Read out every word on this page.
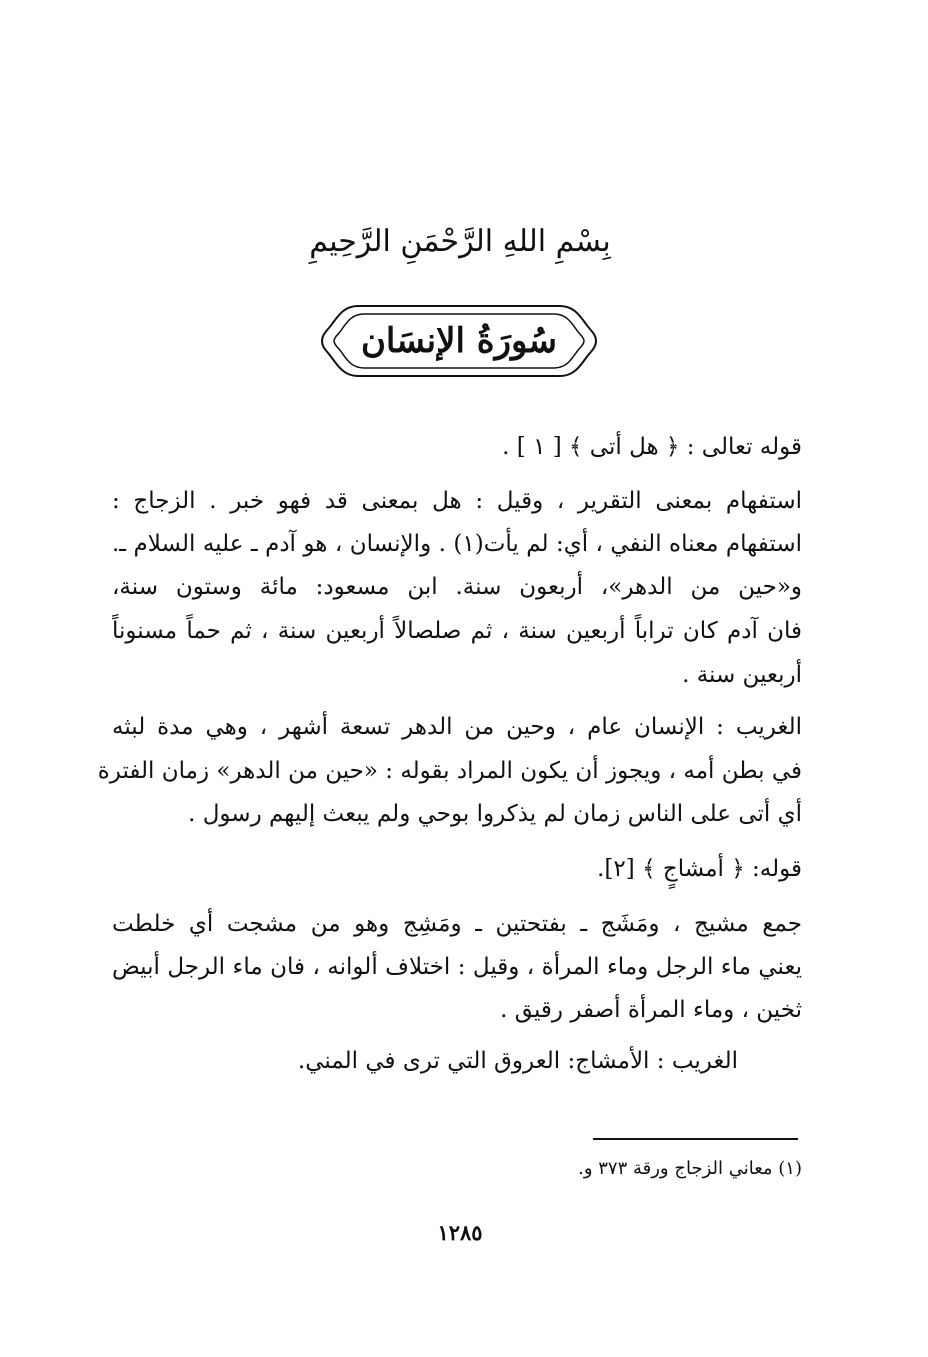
بِسْمِ اللهِ الرَّحْمَنِ الرَّحِيمِ
سُورَةُ الإنسَان
قوله تعالى : ﴿ هل أتى ﴾ [ ١ ] .
استفهام بمعنى التقرير ، وقيل : هل بمعنى قد فهو خبر . الزجاج :
استفهام معناه النفي ، أي: لم يأت(١) . والإنسان ، هو آدم ـ عليه السلام ـ.
و«حين من الدهر»، أربعون سنة. ابن مسعود: مائة وستون سنة،
فان آدم كان تراباً أربعين سنة ، ثم صلصالاً أربعين سنة ، ثم حماً مسنوناً
أربعين سنة .
الغريب : الإنسان عام ، وحين من الدهر تسعة أشهر ، وهي مدة لبثه
في بطن أمه ، ويجوز أن يكون المراد بقوله : «حين من الدهر» زمان الفترة
أي أتى على الناس زمان لم يذكروا بوحي ولم يبعث إليهم رسول .
قوله: ﴿ أمشاجٍ ﴾ [٢].
جمع مشيج ، ومَشَج ـ بفتحتين ـ ومَشِج وهو من مشجت أي خلطت
يعني ماء الرجل وماء المرأة ، وقيل : اختلاف ألوانه ، فان ماء الرجل أبيض
ثخين ، وماء المرأة أصفر رقيق .
الغريب : الأمشاج: العروق التي ترى في المني.
(١) معاني الزجاج ورقة ٣٧٣ و.
١٢٨٥
